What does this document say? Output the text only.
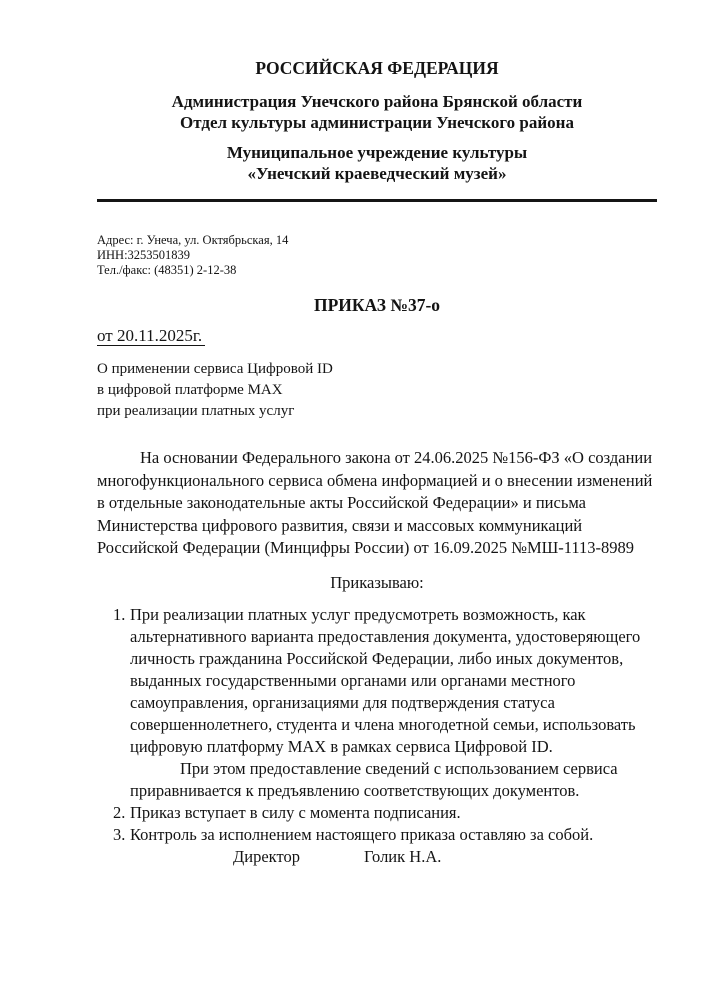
РОССИЙСКАЯ ФЕДЕРАЦИЯ
Администрация Унечского района Брянской области
Отдел культуры администрации Унечского района
Муниципальное учреждение культуры
«Унечский краеведческий музей»
Адрес: г. Унеча, ул. Октябрьская, 14
ИНН:3253501839
Тел./факс: (48351) 2-12-38
ПРИКАЗ №37-о
от 20.11.2025г.
О применении сервиса Цифровой ID
в цифровой платформе MAX
при реализации платных услуг

На основании Федерального закона от 24.06.2025 №156-ФЗ «О создании многофункционального сервиса обмена информацией и о внесении изменений в отдельные законодательные акты Российской Федерации» и письма Министерства цифрового развития, связи и массовых коммуникаций Российской Федерации (Минцифры России) от 16.09.2025 №МШ-1113-8989

Приказываю:
1. При реализации платных услуг предусмотреть возможность, как альтернативного варианта предоставления документа, удостоверяющего личность гражданина Российской Федерации, либо иных документов, выданных государственными органами или органами местного самоуправления, организациями для подтверждения статуса совершеннолетнего, студента и члена многодетной семьи, использовать цифровую платформу MAX в рамках сервиса Цифровой ID.

При этом предоставление сведений с использованием сервиса приравнивается к предъявлению соответствующих документов.

2. Приказ вступает в силу с момента подписания.
3. Контроль за исполнением настоящего приказа оставляю за собой.
Директор	Голик Н.А.
